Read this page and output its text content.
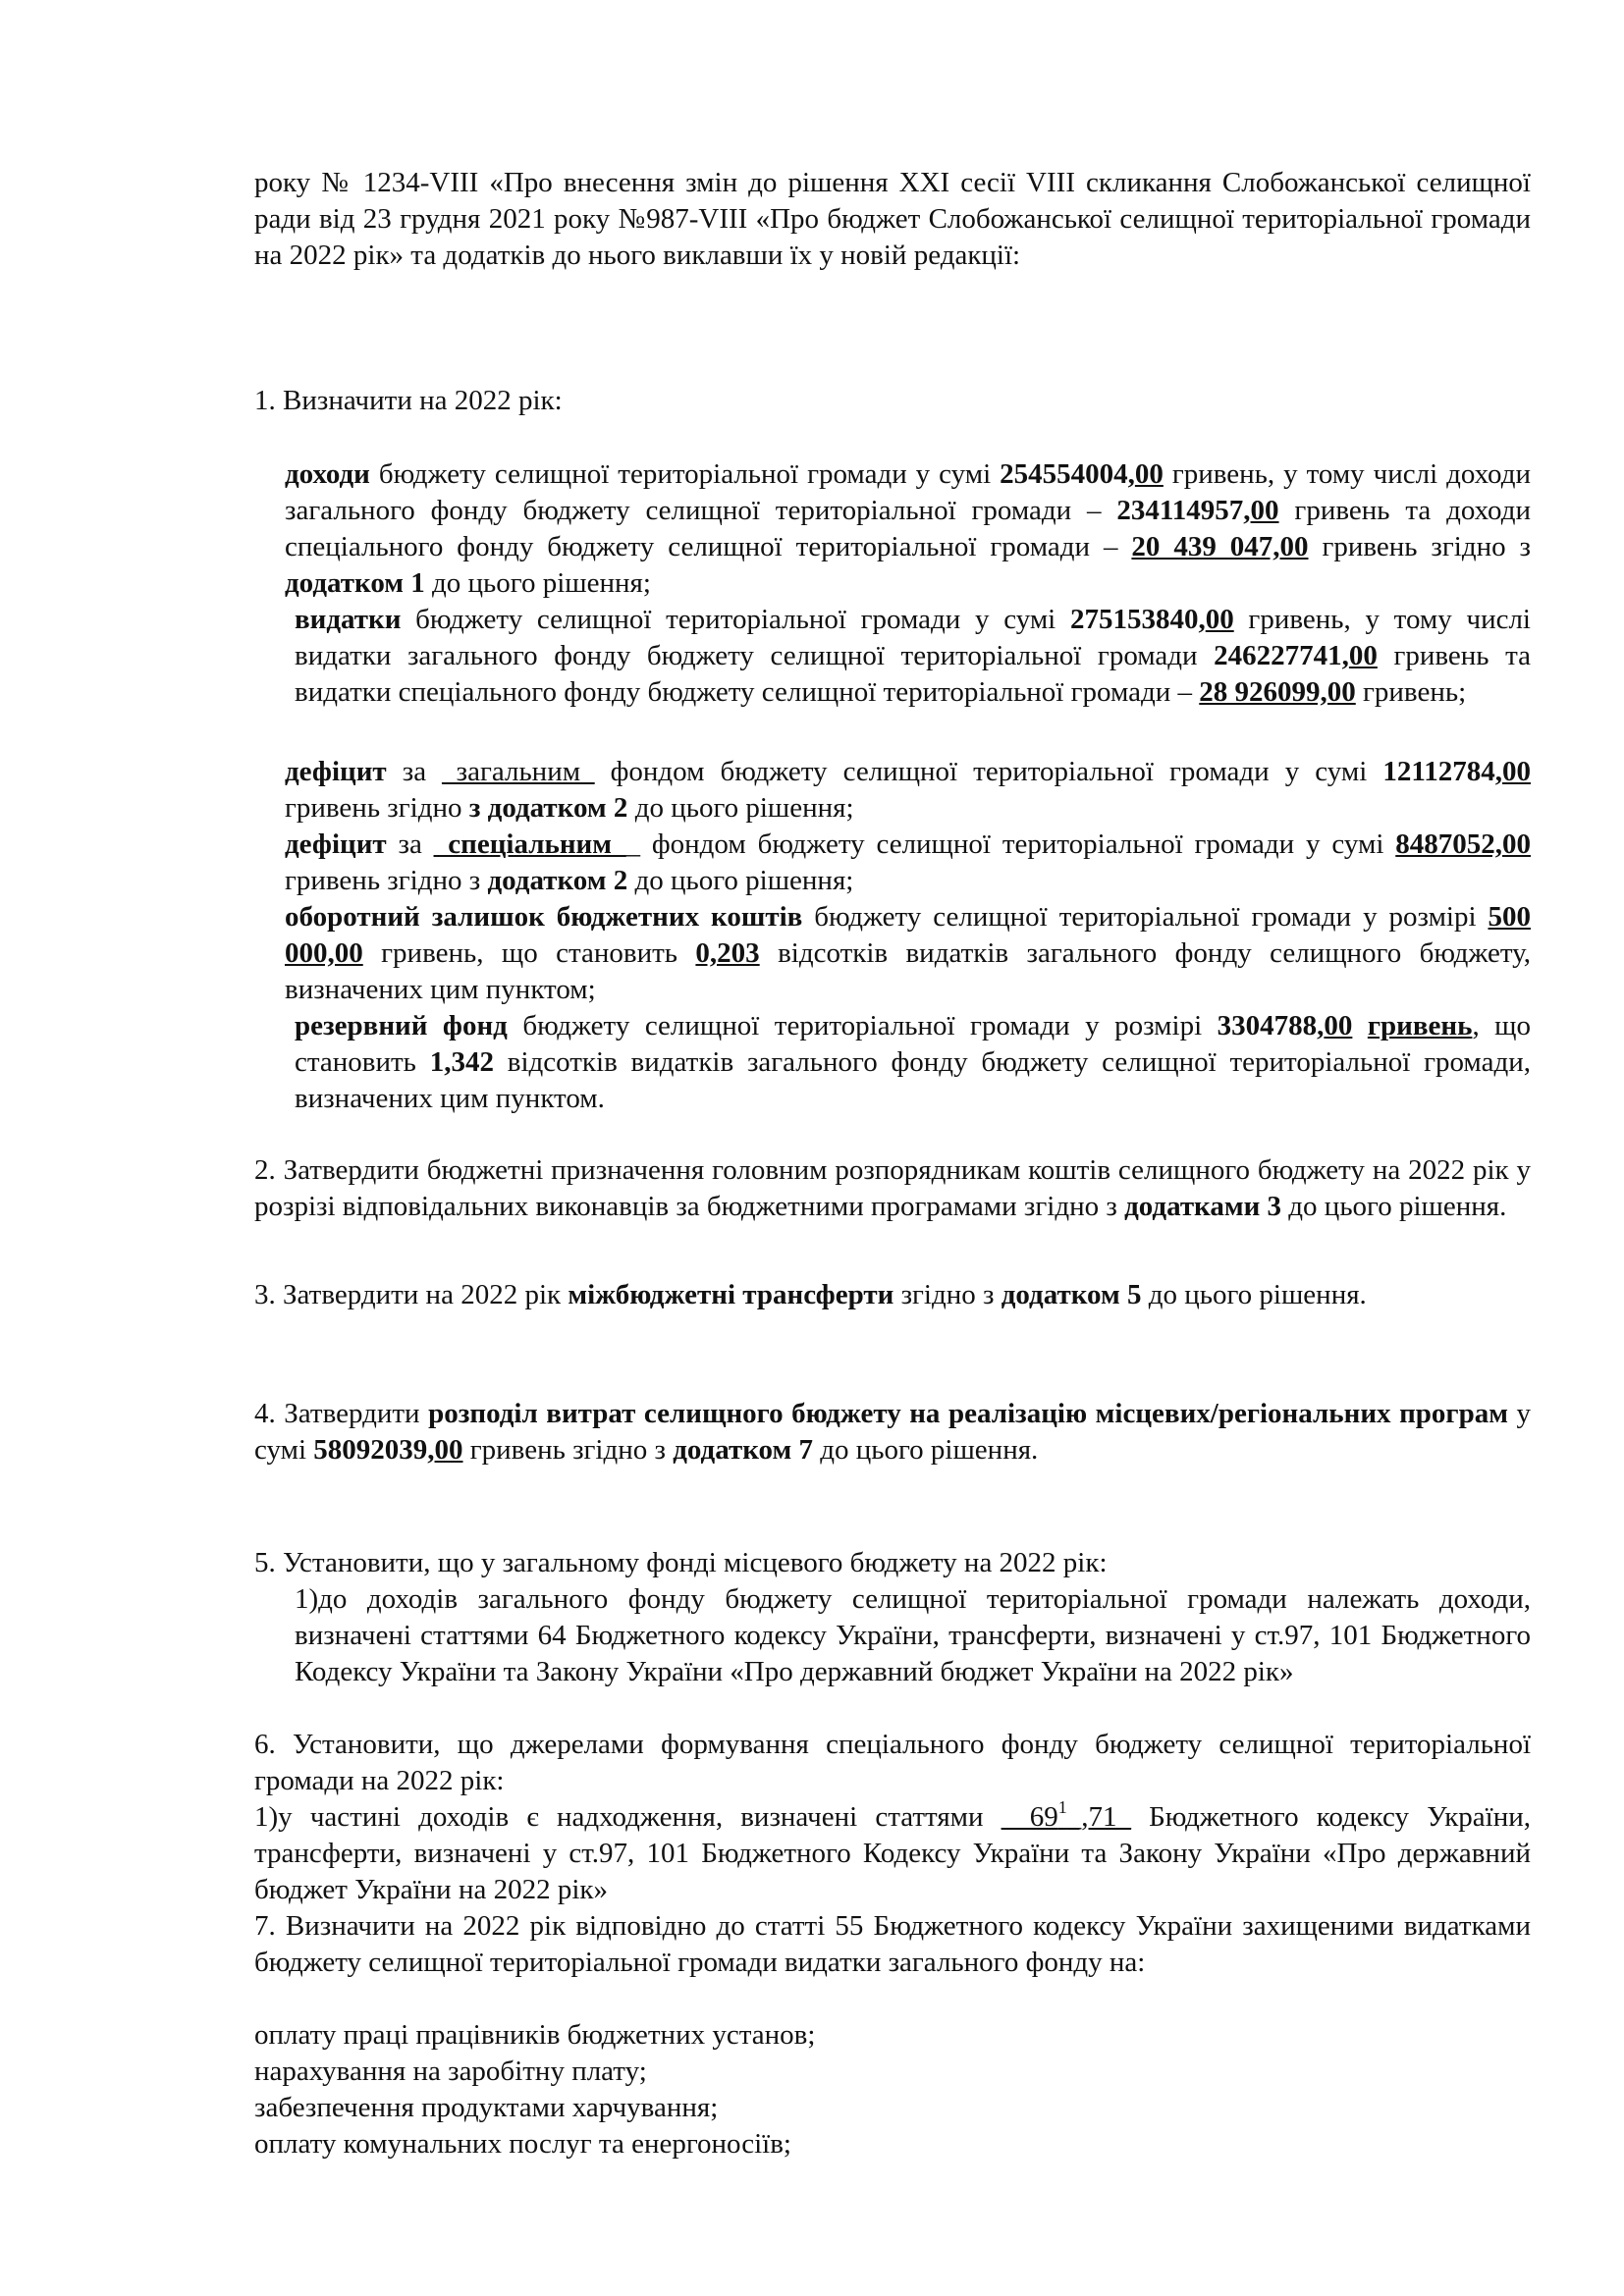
року № 1234-VIII «Про внесення змін до рішення XXI сесії VIII скликання Слобожанської селищної ради від 23 грудня 2021 року №987-VIII «Про бюджет Слобожанської селищної територіальної громади на 2022 рік» та додатків до нього виклавши їх у новій редакції:

1. Визначити на 2022 рік:

доходи бюджету селищної територіальної громади у сумі 254554004,00 гривень, у тому числі доходи загального фонду бюджету селищної територіальної громади – 234114957,00 гривень та доходи спеціального фонду бюджету селищної територіальної громади – 20 439 047,00 гривень згідно з додатком 1 до цього рішення;

видатки бюджету селищної територіальної громади у сумі 275153840,00 гривень, у тому числі видатки загального фонду бюджету селищної територіальної громади 246227741,00 гривень та видатки спеціального фонду бюджету селищної територіальної громади – 28 926099,00 гривень;

дефіцит за _загальним_ фондом бюджету селищної територіальної громади у сумі 12112784,00 гривень згідно з додатком 2 до цього рішення;

дефіцит за _спеціальним__ фондом бюджету селищної територіальної громади у сумі 8487052,00 гривень згідно з додатком 2 до цього рішення;

оборотний залишок бюджетних коштів бюджету селищної територіальної громади у розмірі 500 000,00 гривень, що становить 0,203 відсотків видатків загального фонду селищного бюджету, визначених цим пунктом;

резервний фонд бюджету селищної територіальної громади у розмірі 3304788,00 гривень, що становить 1,342 відсотків видатків загального фонду бюджету селищної територіальної громади, визначених цим пунктом.

2. Затвердити бюджетні призначення головним розпорядникам коштів селищного бюджету на 2022 рік у розрізі відповідальних виконавців за бюджетними програмами згідно з додатками 3 до цього рішення.

3. Затвердити на 2022 рік міжбюджетні трансферти згідно з додатком 5 до цього рішення.

4. Затвердити розподіл витрат селищного бюджету на реалізацію місцевих/регіональних програм у сумі 58092039,00 гривень згідно з додатком 7 до цього рішення.

5. Установити, що у загальному фонді місцевого бюджету на 2022 рік:

1)до доходів загального фонду бюджету селищної територіальної громади належать доходи, визначені статтями 64 Бюджетного кодексу України, трансферти, визначені у ст.97, 101 Бюджетного Кодексу України та Закону України «Про державний бюджет України на 2022 рік»

6. Установити, що джерелами формування спеціального фонду бюджету селищної територіальної громади на 2022 рік:

1)у частині доходів є надходження, визначені статтями $\_\_69^1\_,71\_$ Бюджетного кодексу України, трансферти, визначені у ст.97, 101 Бюджетного Кодексу України та Закону України «Про державний бюджет України на 2022 рік»

7. Визначити на 2022 рік відповідно до статті 55 Бюджетного кодексу України захищеними видатками бюджету селищної територіальної громади видатки загального фонду на:

оплату праці працівників бюджетних установ;

нарахування на заробітну плату;

забезпечення продуктами харчування;

оплату комунальних послуг та енергоносіїв;
